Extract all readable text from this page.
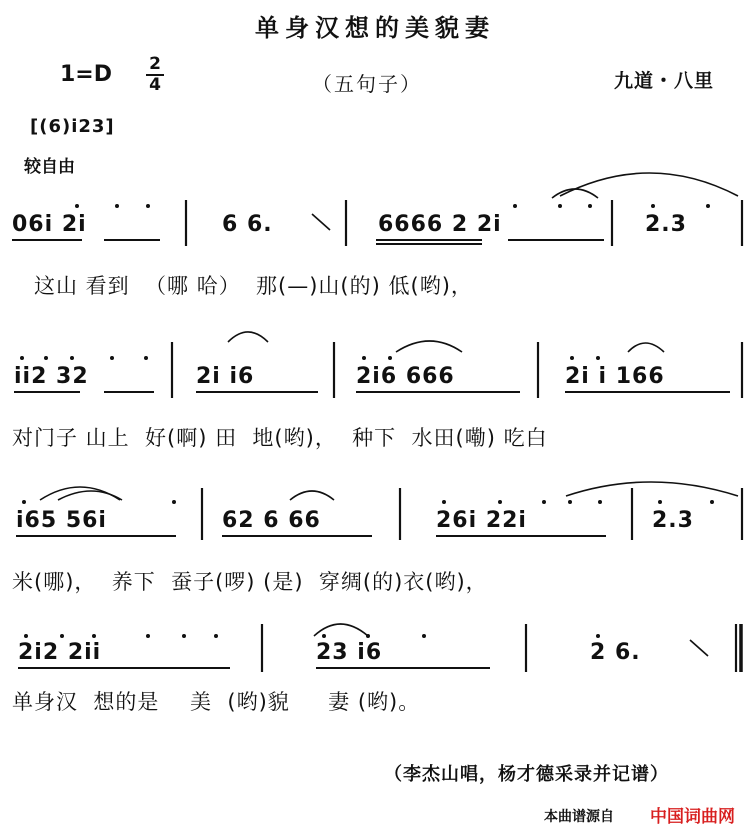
单身汉想的美貌妻
1=D 2
4	（五句子）	九道・八里
[(6)i23]
较自由
06i 2i	6 6.	6666 2 2i	2.3
这山 看到  （哪 哈）  那(—)山(的) 低(哟)，
ii2 32	2i i6	2i6 666	2i i 166
对门子 山上  好(啊) 田  地(哟)，  种下  水田(嘞) 吃白
i65 56i	62 6 66	26i 22i	2.3
米(哪)，  养下  蚕子(啰) (是)  穿绸(的)衣(哟)，
2i2 2ii	23 i6	2 6.
单身汉  想的是    美  (哟)貌     妻 (哟)。
（李杰山唱，杨才德采录并记谱）
本曲谱源自 中国词曲网
